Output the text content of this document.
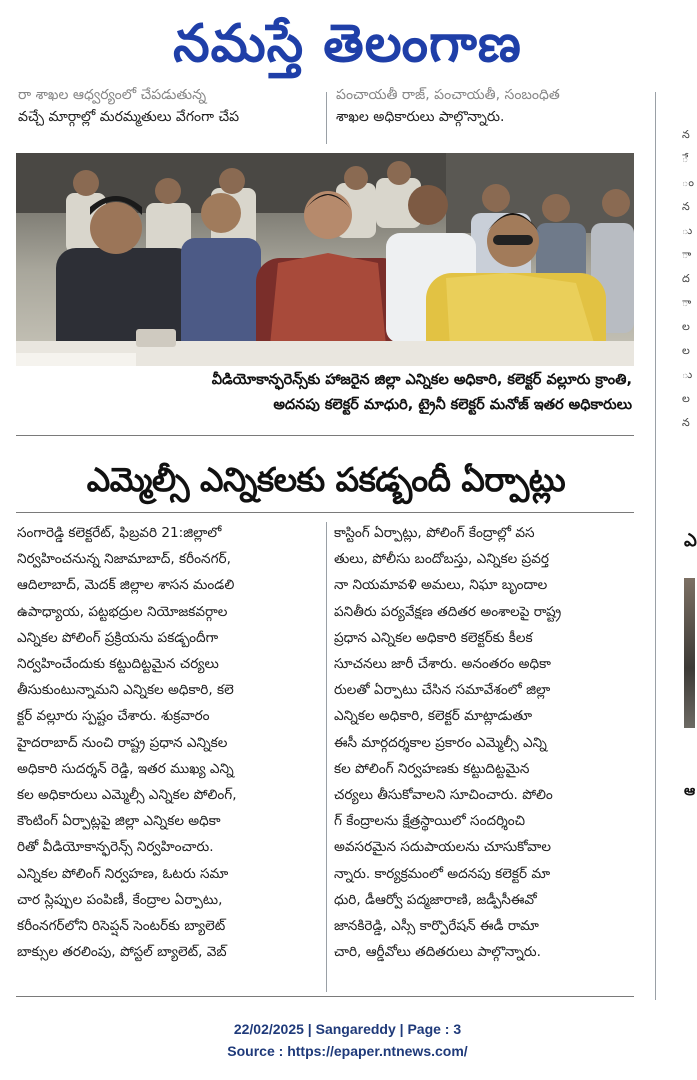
నమస్తే తెలంగాణ
రా శాఖల ఆధ్వర్యంలో చేపడుతున్న
వచ్చే మార్గాల్లో మరమ్మతులు వేగంగా చేప
పంచాయతీ రాజ్, పంచాయతీ, సంబంధిత
శాఖల అధికారులు పాల్గొన్నారు.
వీడియోకాన్ఫరెన్స్‌కు హాజరైన జిల్లా ఎన్నికల అధికారి, కలెక్టర్ వల్లూరు క్రాంతి,
అదనపు కలెక్టర్ మాధురి, ట్రైనీ కలెక్టర్ మనోజ్ ఇతర అధికారులు
ఎమ్మెల్సీ ఎన్నికలకు పకడ్బందీ ఏర్పాట్లు
సంగారెడ్డి కలెక్టరేట్, ఫిబ్రవరి 21:జిల్లాలో
నిర్వహించనున్న నిజామాబాద్, కరీంనగర్,
ఆదిలాబాద్, మెదక్ జిల్లాల శాసన మండలి
ఉపాధ్యాయ, పట్టభద్రుల నియోజకవర్గాల
ఎన్నికల పోలింగ్ ప్రక్రియను పకడ్బందీగా
నిర్వహించేందుకు కట్టుదిట్టమైన చర్యలు
తీసుకుంటున్నామని ఎన్నికల అధికారి, కలె
క్టర్ వల్లూరు స్పష్టం చేశారు. శుక్రవారం
హైదరాబాద్ నుంచి రాష్ట్ర ప్రధాన ఎన్నికల
అధికారి సుదర్శన్ రెడ్డి, ఇతర ముఖ్య ఎన్ని
కల అధికారులు ఎమ్మెల్సీ ఎన్నికల పోలింగ్,
కౌంటింగ్ ఏర్పాట్లపై జిల్లా ఎన్నికల అధికా
రితో వీడియోకాన్ఫరెన్స్ నిర్వహించారు.
ఎన్నికల పోలింగ్ నిర్వహణ, ఓటరు సమా
చార స్లిప్పుల పంపిణీ, కేంద్రాల ఏర్పాటు,
కరీంనగర్‌లోని రిసెప్షన్ సెంటర్‌కు బ్యాలెట్
బాక్సుల తరలింపు, పోస్టల్ బ్యాలెట్, వెబ్
కాస్టింగ్ ఏర్పాట్లు, పోలింగ్ కేంద్రాల్లో వస
తులు, పోలీసు బందోబస్తు, ఎన్నికల ప్రవర్త
నా నియమావళి అమలు, నిఘా బృందాల
పనితీరు పర్యవేక్షణ తదితర అంశాలపై రాష్ట్ర
ప్రధాన ఎన్నికల అధికారి కలెక్టర్‌కు కీలక
సూచనలు జారీ చేశారు. అనంతరం అధికా
రులతో ఏర్పాటు చేసిన సమావేశంలో జిల్లా
ఎన్నికల అధికారి, కలెక్టర్ మాట్లాడుతూ
ఈసీ మార్గదర్శకాల ప్రకారం ఎమ్మెల్సీ ఎన్ని
కల పోలింగ్ నిర్వహణకు కట్టుదిట్టమైన
చర్యలు తీసుకోవాలని సూచించారు. పోలిం
గ్ కేంద్రాలను క్షేత్రస్థాయిలో సందర్శించి
అవసరమైన సదుపాయలను చూసుకోవాల
న్నారు. కార్యక్రమంలో అదనపు కలెక్టర్ మా
ధురి, డీఆర్వో పద్మజారాణి, జడ్పీసీఈవో
జానకిరెడ్డి, ఎస్సీ కార్పొరేషన్ ఈడీ రామా
చారి, ఆర్డీవోలు తదితరులు పాల్గొన్నారు.
న
ే
ం
న
ు
ా
ద
ా
ల
ల
ు
ల
న
ఎ
ఆ
22/02/2025 | Sangareddy | Page : 3
Source : https://epaper.ntnews.com/
